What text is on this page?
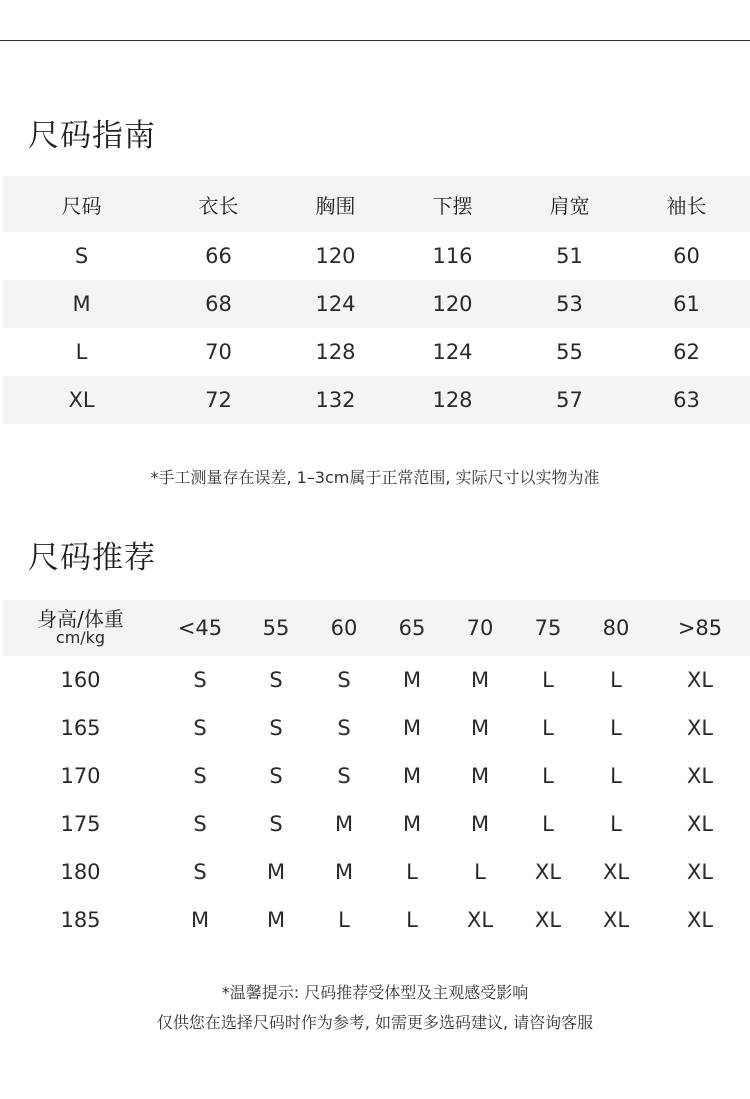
尺码指南
尺码	衣长	胸围	下摆	肩宽	袖长
S	66	120	116	51	60
M	68	124	120	53	61
L	70	128	124	55	62
XL	72	132	128	57	63
*手工测量存在误差, 1–3cm属于正常范围, 实际尺寸以实物为准
尺码推荐
身高/体重
cm/kg	<45	55	60	65	70	75	80	>85
160	S	S	S	M	M	L	L	XL
165	S	S	S	M	M	L	L	XL
170	S	S	S	M	M	L	L	XL
175	S	S	M	M	M	L	L	XL
180	S	M	M	L	L	XL	XL	XL
185	M	M	L	L	XL	XL	XL	XL
*温馨提示: 尺码推荐受体型及主观感受影响
仅供您在选择尺码时作为参考, 如需更多选码建议, 请咨询客服
